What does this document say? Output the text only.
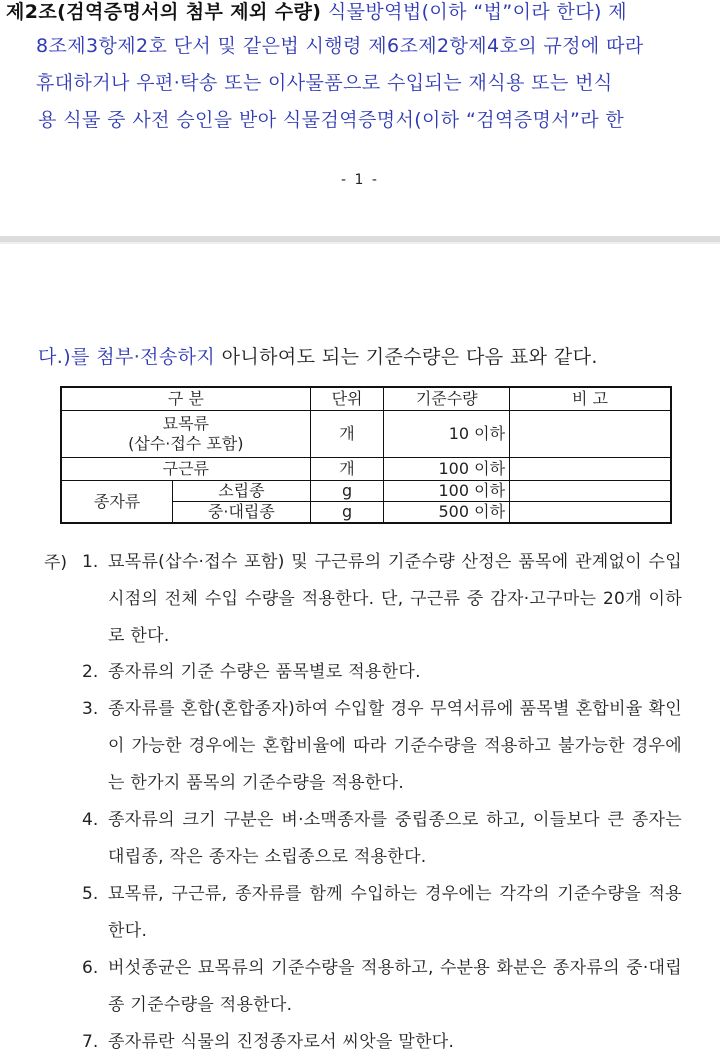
제2조(검역증명서의 첨부 제외 수량) 식물방역법(이하 “법”이라 한다) 제
8조제3항제2호 단서 및 같은법 시행령 제6조제2항제4호의 규정에 따라
휴대하거나 우편·탁송 또는 이사물품으로 수입되는 재식용 또는 번식
용 식물 중 사전 승인을 받아 식물검역증명서(이하 “검역증명서”라 한
- 1 -
다.)를 첨부·전송하지 아니하여도 되는 기준수량은 다음 표와 같다.
구 분		단위	기준수량	비 고

묘목류
(삽수·접수 포함)		개	10 이하	
구근류		개	100 이하	
종자류	소립종	g	100 이하	
	중·대립종	g	500 이하	
주) 1. 묘목류(삽수·접수 포함) 및 구근류의 기준수량 산정은 품목에 관계없이 수입시점의 전체 수입 수량을 적용한다. 단, 구근류 중 감자·고구마는 20개 이하로 한다.
2. 종자류의 기준 수량은 품목별로 적용한다.
3. 종자류를 혼합(혼합종자)하여 수입할 경우 무역서류에 품목별 혼합비율 확인이 가능한 경우에는 혼합비율에 따라 기준수량을 적용하고 불가능한 경우에는 한가지 품목의 기준수량을 적용한다.
4. 종자류의 크기 구분은 벼·소맥종자를 중립종으로 하고, 이들보다 큰 종자는 대립종, 작은 종자는 소립종으로 적용한다.
5. 묘목류, 구근류, 종자류를 함께 수입하는 경우에는 각각의 기준수량을 적용한다.
6. 버섯종균은 묘목류의 기준수량을 적용하고, 수분용 화분은 종자류의 중·대립종 기준수량을 적용한다.
7. 종자류란 식물의 진정종자로서 씨앗을 말한다.
